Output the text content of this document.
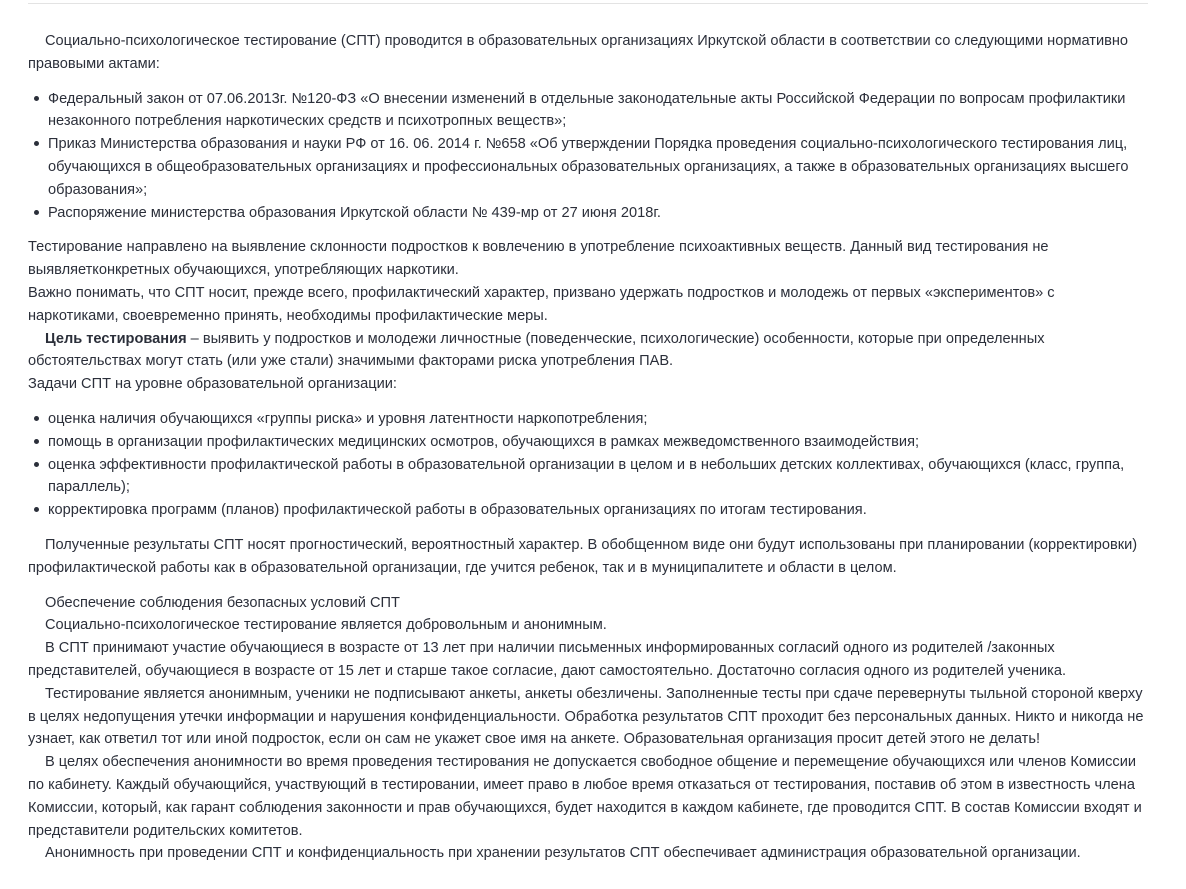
Социально-психологическое тестирование (СПТ) проводится в образовательных организациях Иркутской области в соответствии со следующими нормативно правовыми актами:

Федеральный закон от 07.06.2013г. №120-ФЗ «О внесении изменений в отдельные законодательные акты Российской Федерации по вопросам профилактики незаконного потребления наркотических средств и психотропных веществ»;
Приказ Министерства образования и науки РФ от 16. 06. 2014 г. №658 «Об утверждении Порядка проведения социально-психологического тестирования лиц, обучающихся в общеобразовательных организациях и профессиональных образовательных организациях, а также в образовательных организациях высшего образования»;
Распоряжение министерства образования Иркутской области № 439-мр от 27 июня 2018г.

Тестирование направлено на выявление склонности подростков к вовлечению в употребление психоактивных веществ. Данный вид тестирования не выявляетконкретных обучающихся, употребляющих наркотики.

Важно понимать, что СПТ носит, прежде всего, профилактический характер, призвано удержать подростков и молодежь от первых «экспериментов» с наркотиками, своевременно принять, необходимы профилактические меры.

Цель тестирования – выявить у подростков и молодежи личностные (поведенческие, психологические) особенности, которые при определенных обстоятельствах могут стать (или уже стали) значимыми факторами риска употребления ПАВ.

Задачи СПТ на уровне образовательной организации:

оценка наличия обучающихся «группы риска» и уровня латентности наркопотребления;
помощь в организации профилактических медицинских осмотров, обучающихся в рамках межведомственного взаимодействия;
оценка эффективности профилактической работы в образовательной организации в целом и в небольших детских коллективах, обучающихся (класс, группа, параллель);
корректировка программ (планов) профилактической работы в образовательных организациях по итогам тестирования.

Полученные результаты СПТ носят прогностический, вероятностный характер. В обобщенном виде они будут использованы при планировании (корректировки) профилактической работы как в образовательной организации, где учится ребенок, так и в муниципалитете и области в целом.

Обеспечение соблюдения безопасных условий СПТ

Социально-психологическое тестирование является добровольным и анонимным.

В СПТ принимают участие обучающиеся в возрасте от 13 лет при наличии письменных информированных согласий одного из родителей /законных представителей, обучающиеся в возрасте от 15 лет и старше такое согласие, дают самостоятельно. Достаточно согласия одного из родителей ученика.

Тестирование является анонимным, ученики не подписывают анкеты, анкеты обезличены. Заполненные тесты при сдаче перевернуты тыльной стороной кверху в целях недопущения утечки информации и нарушения конфиденциальности. Обработка результатов СПТ проходит без персональных данных. Никто и никогда не узнает, как ответил тот или иной подросток, если он сам не укажет свое имя на анкете. Образовательная организация просит детей этого не делать!

В целях обеспечения анонимности во время проведения тестирования не допускается свободное общение и перемещение обучающихся или членов Комиссии по кабинету. Каждый обучающийся, участвующий в тестировании, имеет право в любое время отказаться от тестирования, поставив об этом в известность члена Комиссии, который, как гарант соблюдения законности и прав обучающихся, будет находится в каждом кабинете, где проводится СПТ. В состав Комиссии входят и представители родительских комитетов.

Анонимность при проведении СПТ и конфиденциальность при хранении результатов СПТ обеспечивает администрация образовательной организации.
